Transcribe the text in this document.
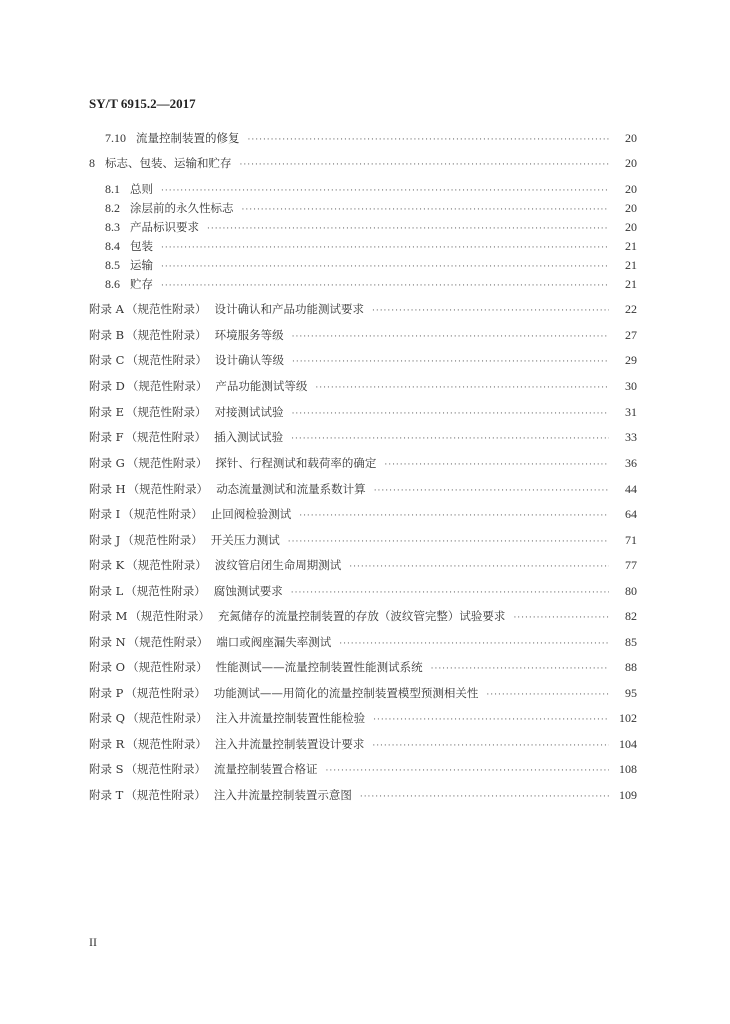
SY/T 6915.2—2017
7.10 流量控制装置的修复 ·····	20
8 标志、包装、运输和贮存 ·····	20
8.1 总则 ·····	20
8.2 涂层前的永久性标志 ·····	20
8.3 产品标识要求 ·····	20
8.4 包装 ·····	21
8.5 运输 ·····	21
8.6 贮存 ·····	21
附录 A （规范性附录） 设计确认和产品功能测试要求 ·····	22
附录 B （规范性附录） 环境服务等级 ·····	27
附录 C （规范性附录） 设计确认等级 ·····	29
附录 D （规范性附录） 产品功能测试等级 ·····	30
附录 E （规范性附录） 对接测试试验 ·····	31
附录 F （规范性附录） 插入测试试验 ·····	33
附录 G （规范性附录） 探针、行程测试和载荷率的确定 ·····	36
附录 H （规范性附录） 动态流量测试和流量系数计算 ·····	44
附录 I （规范性附录） 止回阀检验测试 ·····	64
附录 J （规范性附录） 开关压力测试 ·····	71
附录 K （规范性附录） 波纹管启闭生命周期测试 ·····	77
附录 L （规范性附录） 腐蚀测试要求 ·····	80
附录 M （规范性附录） 充氮储存的流量控制装置的存放（波纹管完整）试验要求 ·····	82
附录 N （规范性附录） 端口或阀座漏失率测试 ·····	85
附录 O （规范性附录） 性能测试——流量控制装置性能测试系统 ·····	88
附录 P （规范性附录） 功能测试——用简化的流量控制装置模型预测相关性 ·····	95
附录 Q （规范性附录） 注入井流量控制装置性能检验 ·····	102
附录 R （规范性附录） 注入井流量控制装置设计要求 ·····	104
附录 S （规范性附录） 流量控制装置合格证 ·····	108
附录 T （规范性附录） 注入井流量控制装置示意图 ·····	109
II
